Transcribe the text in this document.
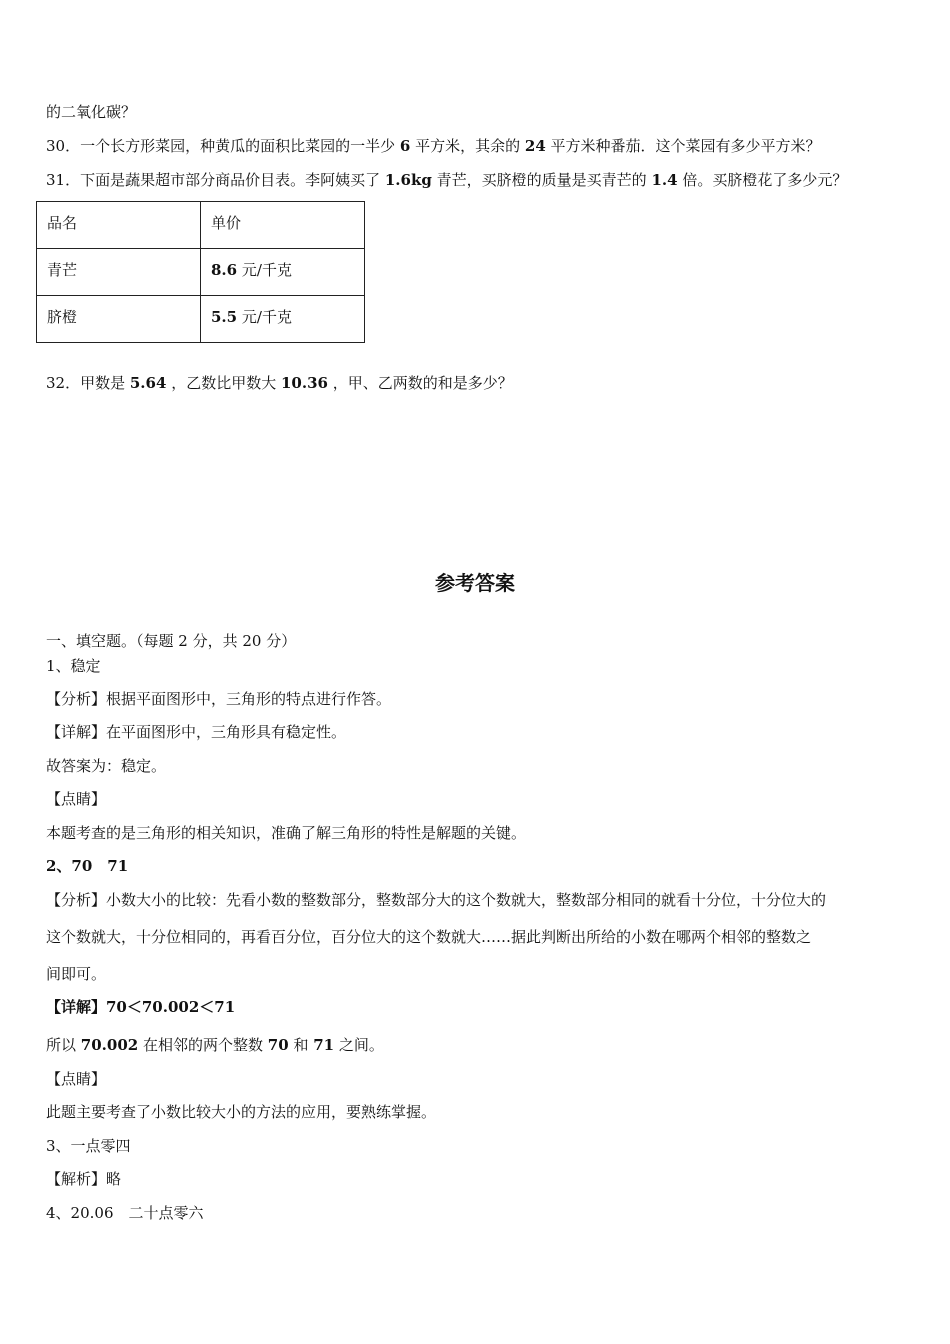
的二氧化碳？
30．一个长方形菜园，种黄瓜的面积比菜园的一半少 6 平方米，其余的 24 平方米种番茄．这个菜园有多少平方米？
31．下面是蔬果超市部分商品价目表。李阿姨买了 1.6kg 青芒，买脐橙的质量是买青芒的 1.4 倍。买脐橙花了多少元？
品名	单价
青芒	8.6 元/千克
脐橙	5.5 元/千克
32．甲数是 5.64 ，乙数比甲数大 10.36 ，甲、乙两数的和是多少？
参考答案
一、填空题。（每题 2 分，共 20 分）
1、稳定
【分析】根据平面图形中，三角形的特点进行作答。
【详解】在平面图形中，三角形具有稳定性。
故答案为：稳定。
【点睛】
本题考查的是三角形的相关知识，准确了解三角形的特性是解题的关键。
2、70　71
【分析】小数大小的比较：先看小数的整数部分，整数部分大的这个数就大，整数部分相同的就看十分位，十分位大的
这个数就大，十分位相同的，再看百分位，百分位大的这个数就大……据此判断出所给的小数在哪两个相邻的整数之
间即可。
【详解】70＜70.002＜71
所以 70.002 在相邻的两个整数 70 和 71 之间。
【点睛】
此题主要考查了小数比较大小的方法的应用，要熟练掌握。
3、一点零四
【解析】略
4、20.06　二十点零六
